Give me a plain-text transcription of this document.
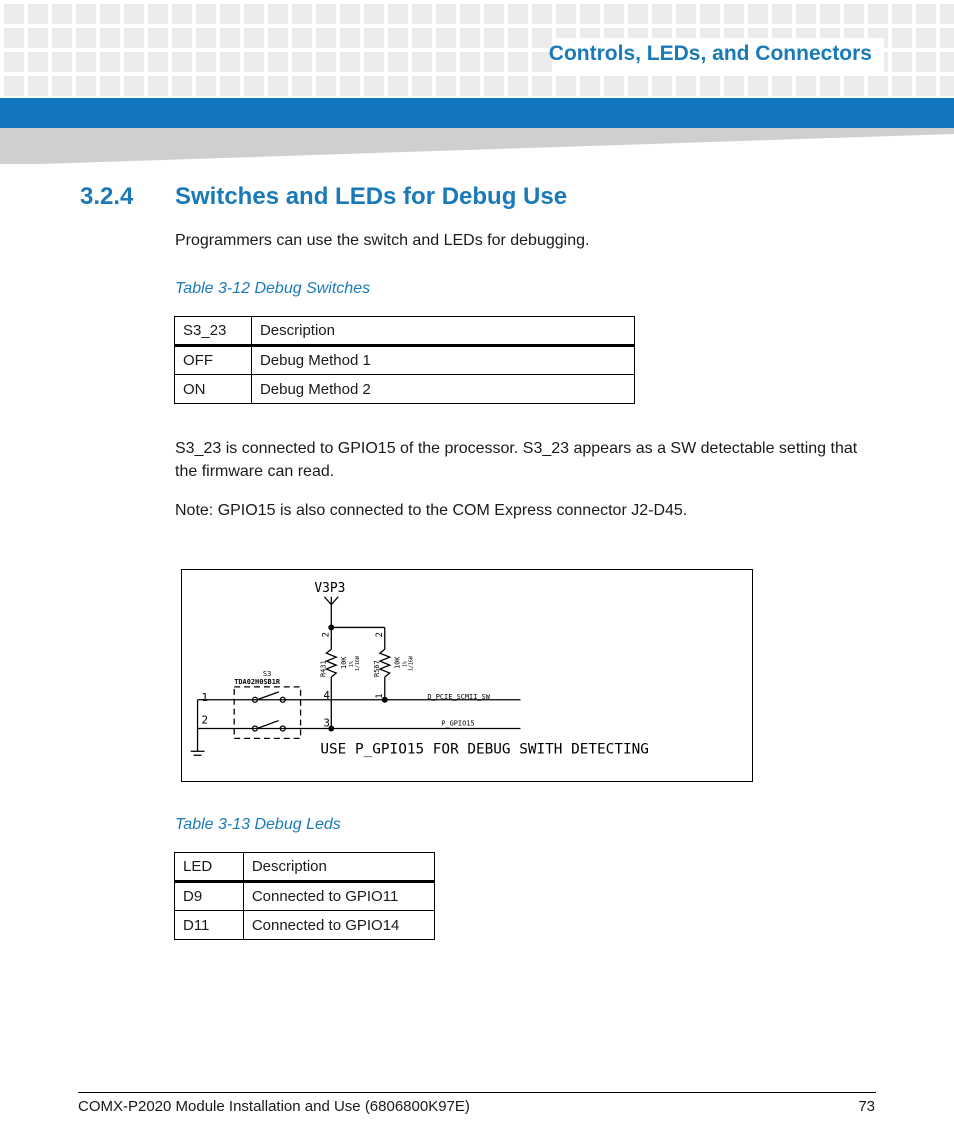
Controls, LEDs, and Connectors
3.2.4 Switches and LEDs for Debug Use
Programmers can use the switch and LEDs for debugging.
Table 3-12 Debug Switches
S3_23	Description
OFF	Debug Method 1
ON	Debug Method 2
S3_23 is connected to GPIO15 of the processor. S3_23 appears as a SW detectable setting that the firmware can read.
Note: GPIO15 is also connected to the COM Express connector J2-D45.
V3P3
S3
TDA02H0SB1R
1
2	3
4	D_PCIE_SCMII_SW
P_GPIO15
USE P_GPIO15 FOR DEBUG SWITH DETECTING
2	2
1
R431 10K 1% 1/16W R567 10K 1% 1/16W
Table 3-13 Debug Leds
LED	Description
D9	Connected to GPIO11
D11	Connected to GPIO14
COMX-P2020 Module Installation and Use (6806800K97E)	73
